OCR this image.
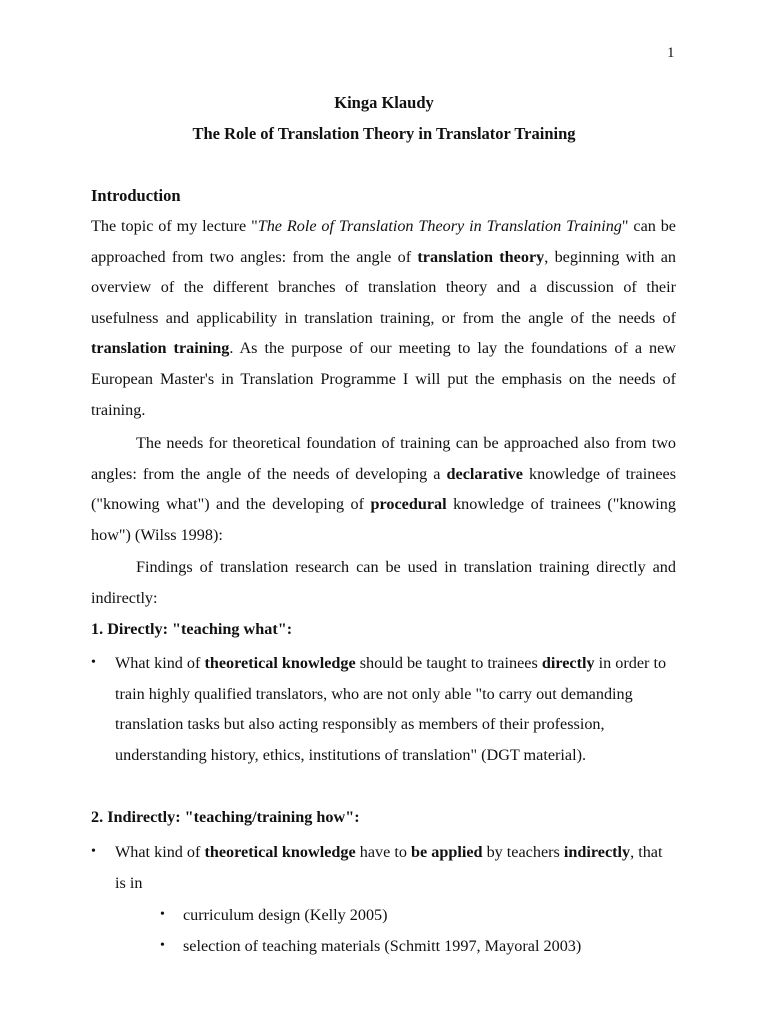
1
Kinga Klaudy
The Role of Translation Theory in Translator Training
Introduction
The topic of my lecture "The Role of Translation Theory in Translation Training" can be approached from two angles: from the angle of translation theory, beginning with an overview of the different branches of translation theory and a discussion of their usefulness and applicability in translation training, or from the angle of the needs of translation training. As the purpose of our meeting to lay the foundations of a new European Master's in Translation Programme I will put the emphasis on the needs of training.
The needs for theoretical foundation of training can be approached also from two angles: from the angle of the needs of developing a declarative knowledge of trainees ("knowing what") and the developing of procedural knowledge of trainees ("knowing how") (Wilss 1998):
Findings of translation research can be used in translation training directly and indirectly:
1. Directly: "teaching what":
• What kind of theoretical knowledge should be taught to trainees directly in order to train highly qualified translators, who are not only able "to carry out demanding translation tasks but also acting responsibly as members of their profession, understanding history, ethics, institutions of translation" (DGT material).
2. Indirectly: "teaching/training how":
• What kind of theoretical knowledge have to be applied by teachers indirectly, that is in
• curriculum design (Kelly 2005)
• selection of teaching materials (Schmitt 1997, Mayoral 2003)
